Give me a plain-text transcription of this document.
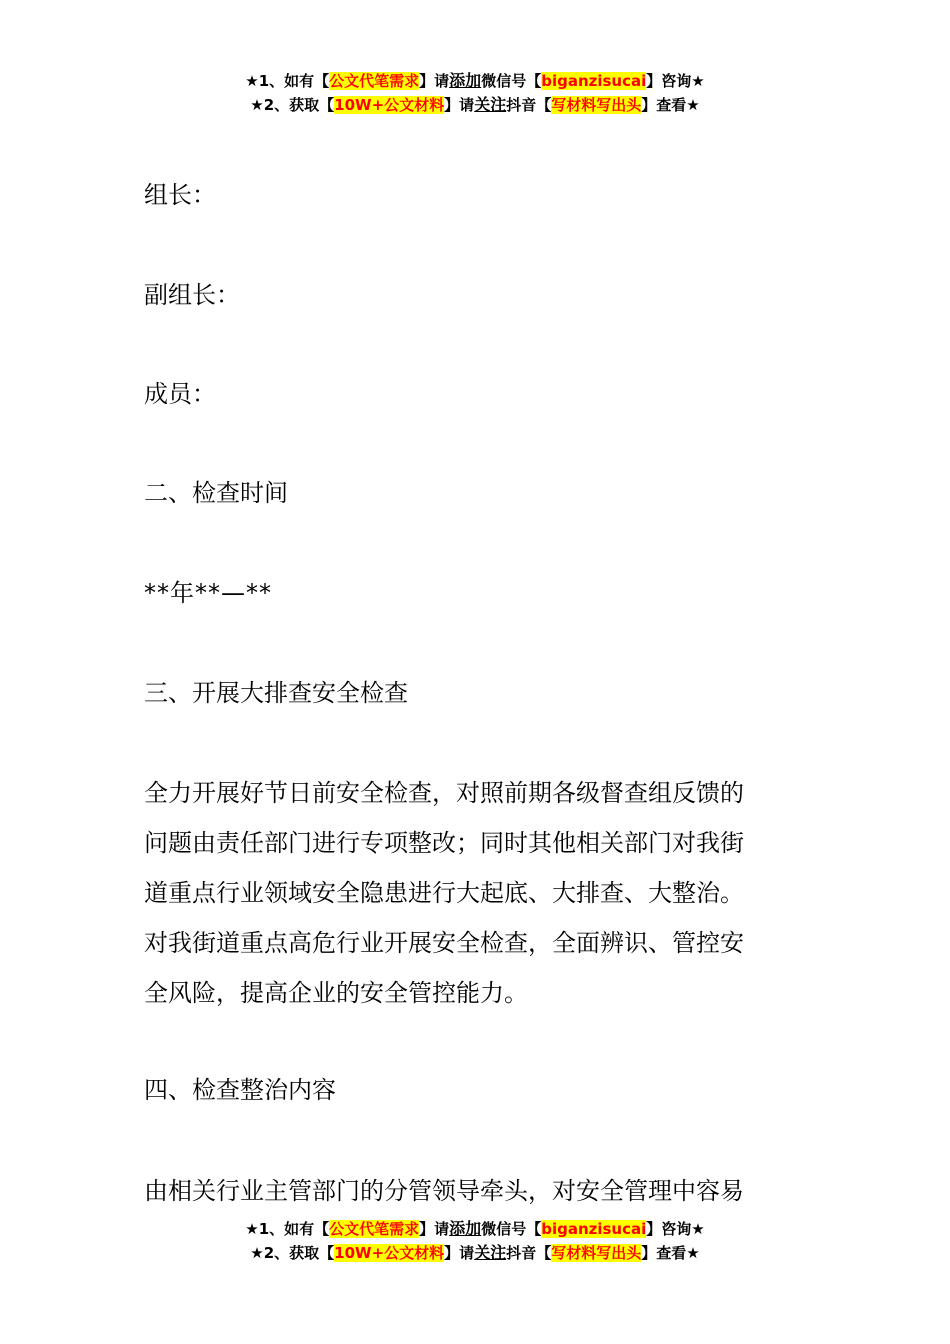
★1、如有【公文代笔需求】请添加微信号【biganzisucai】咨询★
★2、获取【10W+公文材料】请关注抖音【写材料写出头】查看★
组长：
副组长：
成员：
二、检查时间
**年**—**
三、开展大排查安全检查
全力开展好节日前安全检查，对照前期各级督查组反馈的
问题由责任部门进行专项整改；同时其他相关部门对我街
道重点行业领域安全隐患进行大起底、大排查、大整治。
对我街道重点高危行业开展安全检查，全面辨识、管控安
全风险，提高企业的安全管控能力。
四、检查整治内容
由相关行业主管部门的分管领导牵头，对安全管理中容易
★1、如有【公文代笔需求】请添加微信号【biganzisucai】咨询★
★2、获取【10W+公文材料】请关注抖音【写材料写出头】查看★
